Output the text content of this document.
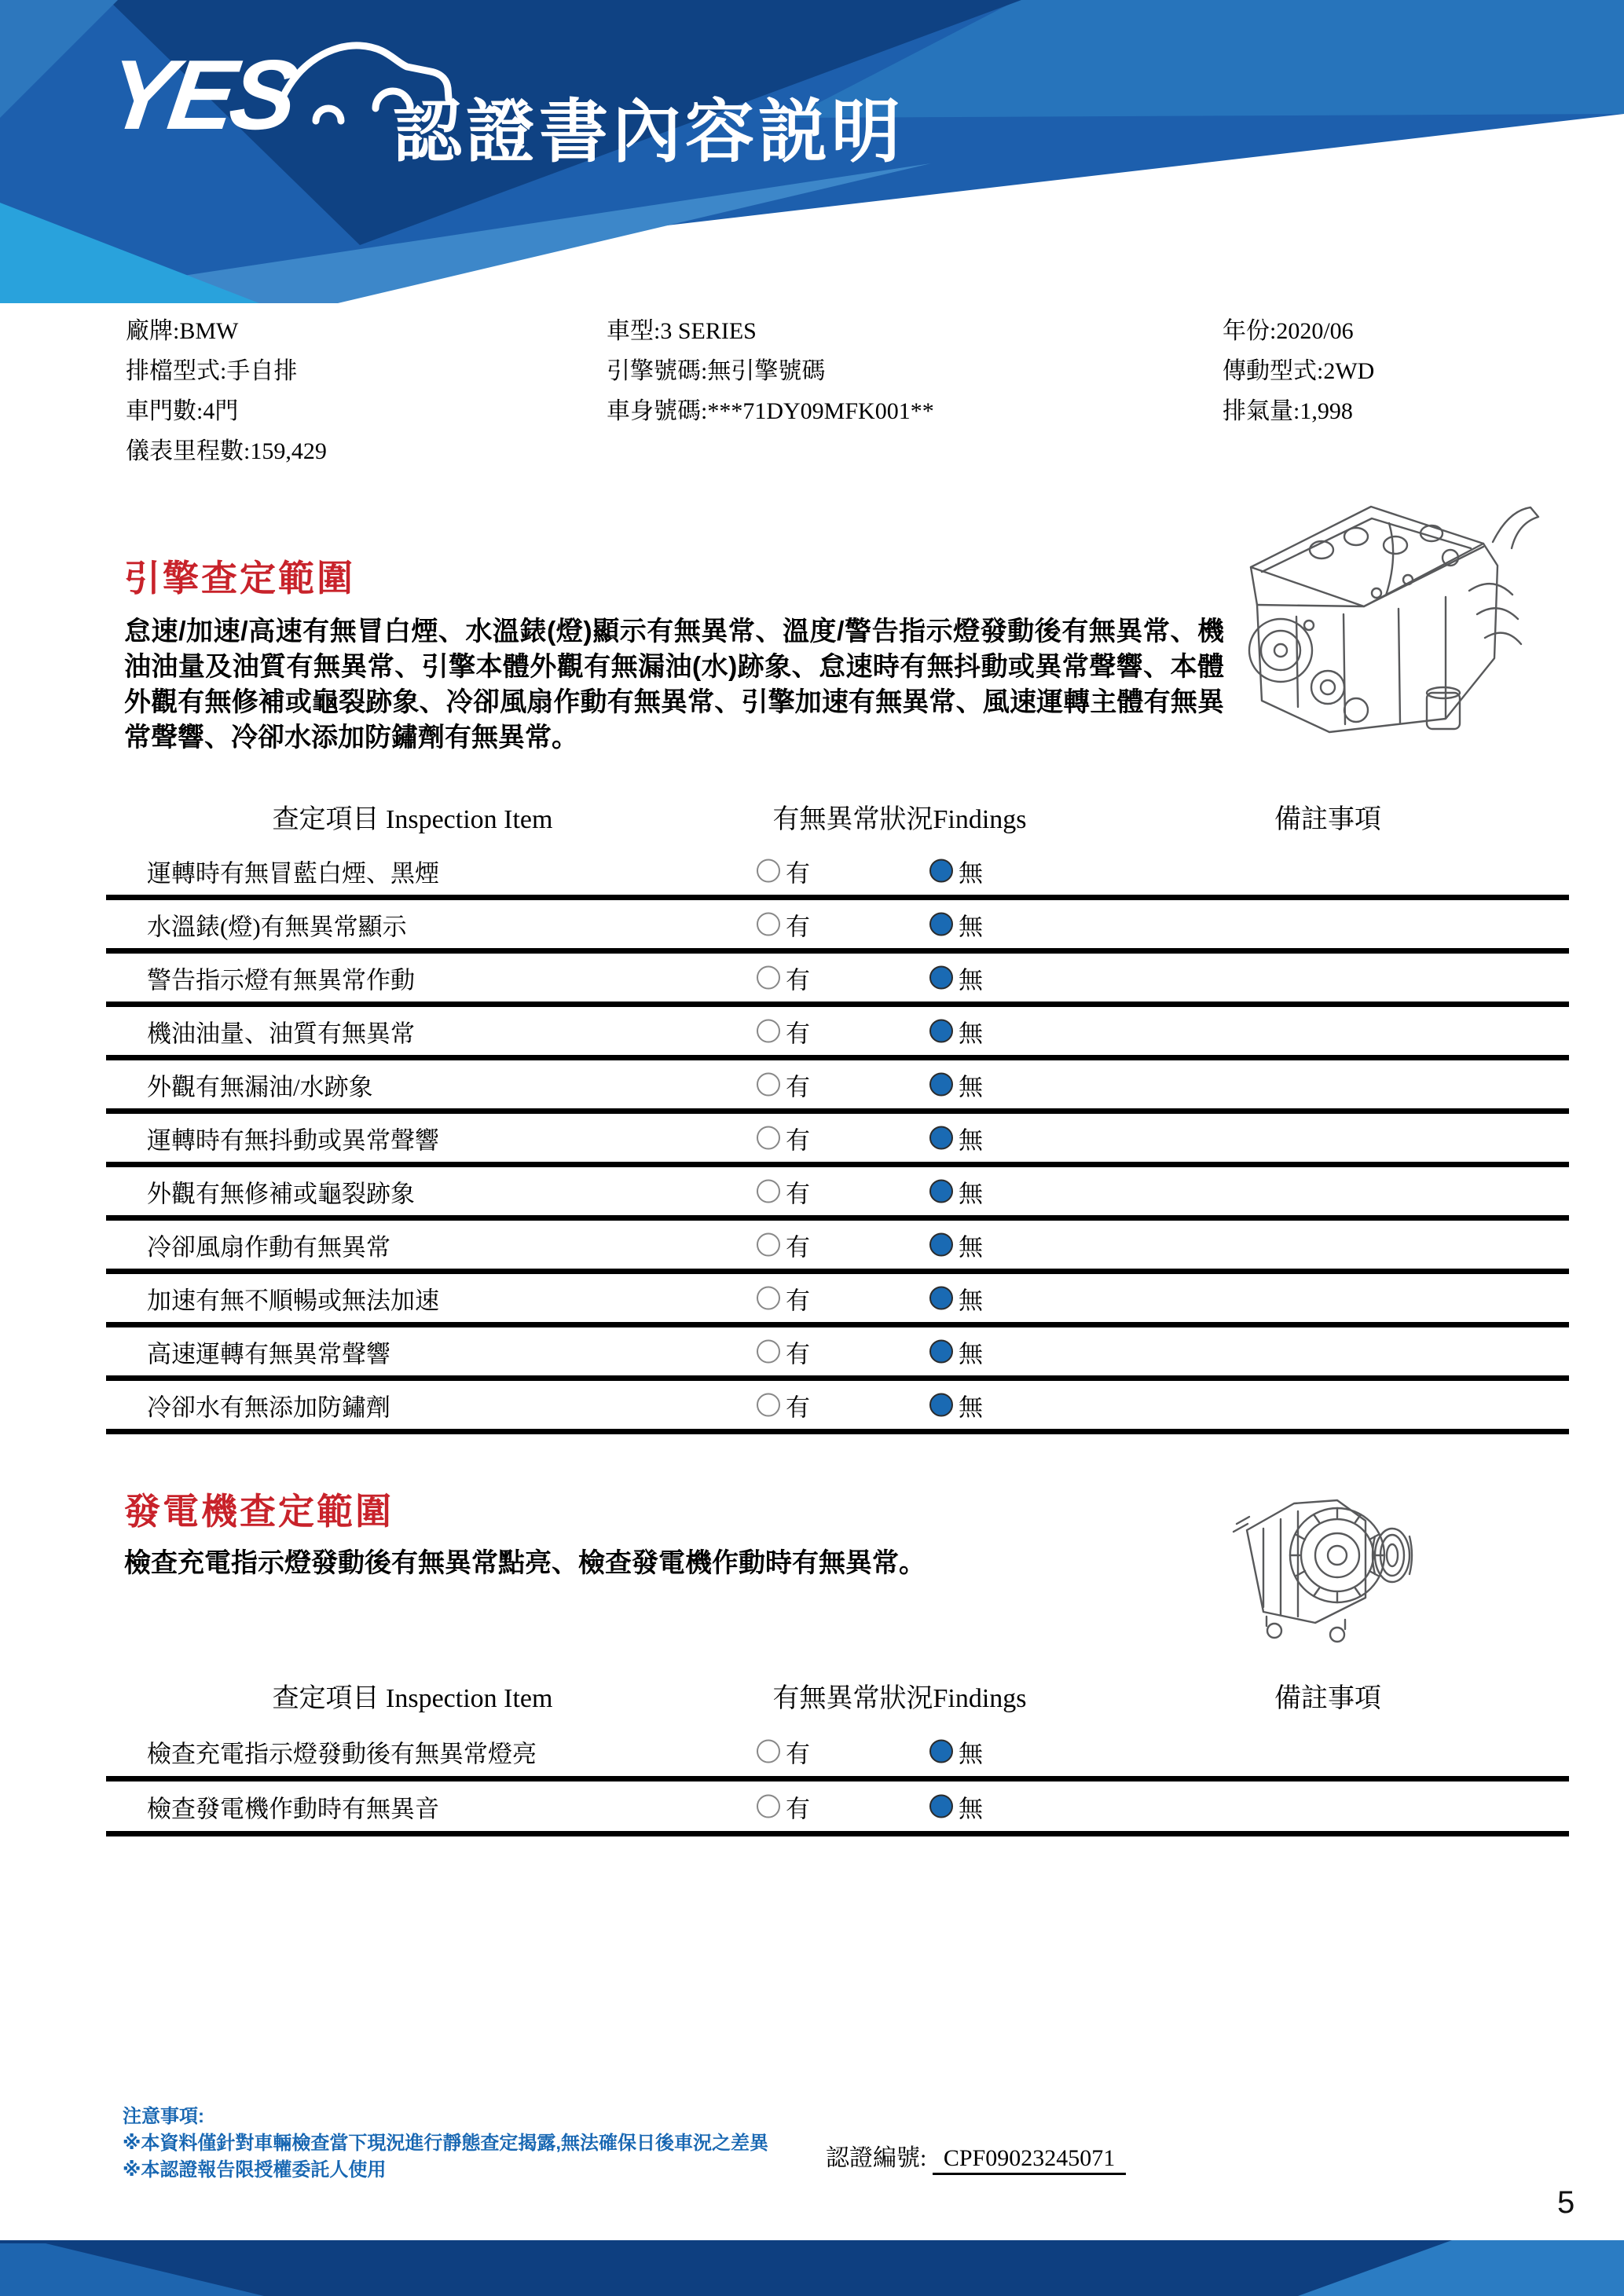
YES 認證書內容説明
廠牌:BMW
排檔型式:手自排
車門數:4門
儀表里程數:159,429
車型:3 SERIES
引擎號碼:無引擎號碼
車身號碼:***71DY09MFK001**
年份:2020/06
傳動型式:2WD
排氣量:1,998
引擎查定範圍
怠速/加速/高速有無冒白煙、水溫錶(燈)顯示有無異常、溫度/警告指示燈發動後有無異常、機油油量及油質有無異常、引擎本體外觀有無漏油(水)跡象、怠速時有無抖動或異常聲響、本體外觀有無修補或龜裂跡象、冷卻風扇作動有無異常、引擎加速有無異常、風速運轉主體有無異常聲響、冷卻水添加防鏽劑有無異常。
查定項目 Inspection Item	有無異常狀況Findings	備註事項
運轉時有無冒藍白煙、黑煙	有	無
水溫錶(燈)有無異常顯示	有	無
警告指示燈有無異常作動	有	無
機油油量、油質有無異常	有	無
外觀有無漏油/水跡象	有	無
運轉時有無抖動或異常聲響	有	無
外觀有無修補或龜裂跡象	有	無
冷卻風扇作動有無異常	有	無
加速有無不順暢或無法加速	有	無
高速運轉有無異常聲響	有	無
冷卻水有無添加防鏽劑	有	無
發電機查定範圍
檢查充電指示燈發動後有無異常點亮、檢查發電機作動時有無異常。
查定項目 Inspection Item	有無異常狀況Findings	備註事項
檢查充電指示燈發動後有無異常燈亮	有	無
檢查發電機作動時有無異音	有	無
注意事項:
※本資料僅針對車輛檢查當下現況進行靜態查定揭露,無法確保日後車況之差異
※本認證報告限授權委託人使用	認證編號: CPF09023245071
5
